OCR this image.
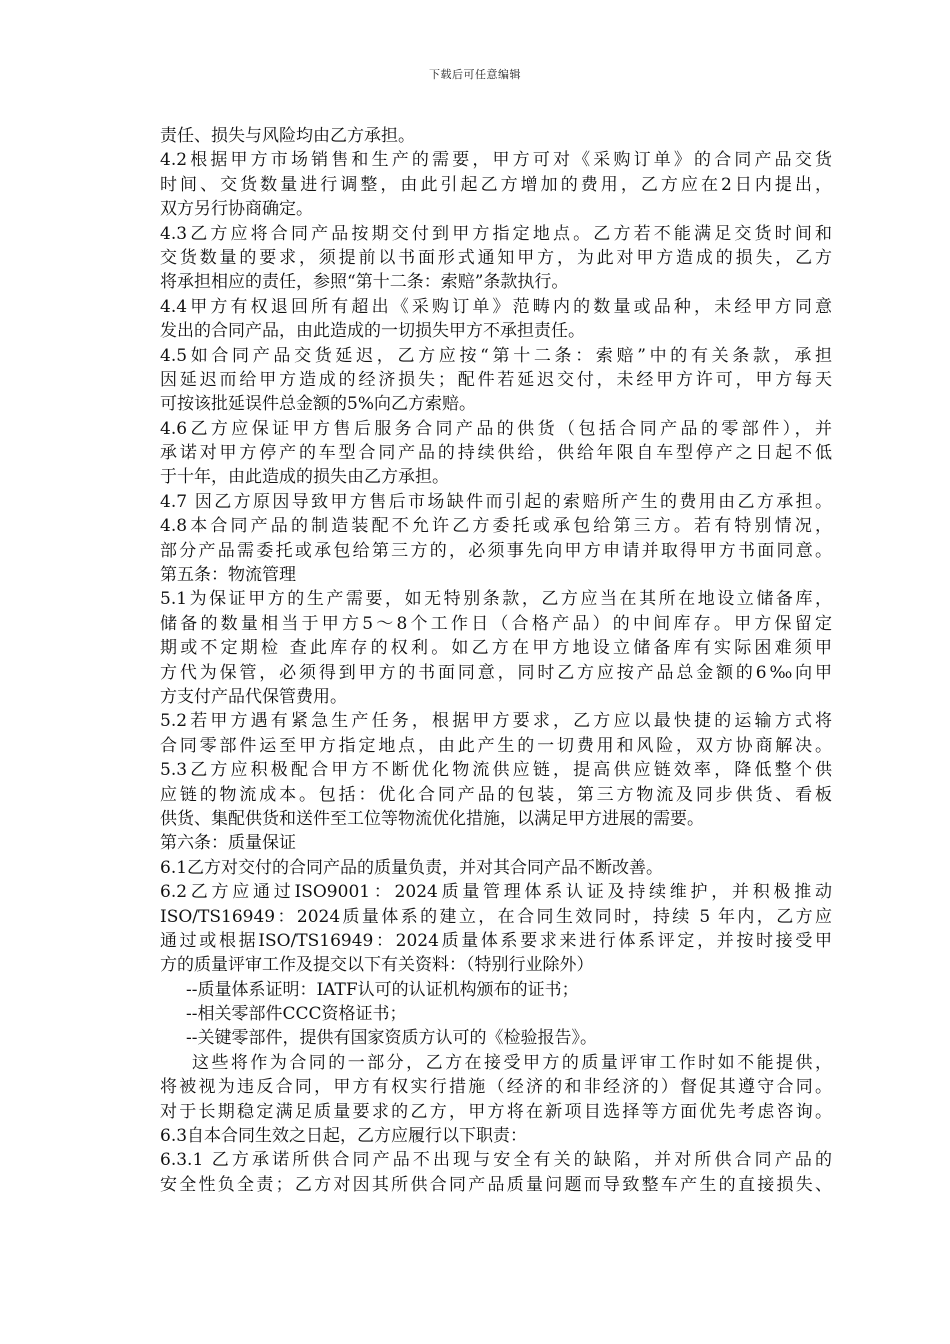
下载后可任意编辑
责任、损失与风险均由乙方承担。
4.2根据甲方市场销售和生产的需要，甲方可对《采购订单》的合同产品交货
时间、交货数量进行调整，由此引起乙方增加的费用，乙方应在2日内提出，
双方另行协商确定。
4.3乙方应将合同产品按期交付到甲方指定地点。乙方若不能满足交货时间和
交货数量的要求，须提前以书面形式通知甲方，为此对甲方造成的损失，乙方
将承担相应的责任，参照“第十二条：索赔”条款执行。
4.4甲方有权退回所有超出《采购订单》范畴内的数量或品种，未经甲方同意
发出的合同产品，由此造成的一切损失甲方不承担责任。
4.5如合同产品交货延迟，乙方应按“第十二条：索赔”中的有关条款，承担
因延迟而给甲方造成的经济损失；配件若延迟交付，未经甲方许可，甲方每天
可按该批延误件总金额的5%向乙方索赔。
4.6乙方应保证甲方售后服务合同产品的供货（包括合同产品的零部件），并
承诺对甲方停产的车型合同产品的持续供给，供给年限自车型停产之日起不低
于十年，由此造成的损失由乙方承担。
4.7 因乙方原因导致甲方售后市场缺件而引起的索赔所产生的费用由乙方承担。
4.8本合同产品的制造装配不允许乙方委托或承包给第三方。若有特别情况，
部分产品需委托或承包给第三方的，必须事先向甲方申请并取得甲方书面同意。
第五条：物流管理
5.1为保证甲方的生产需要，如无特别条款，乙方应当在其所在地设立储备库，
储备的数量相当于甲方5～8个工作日（合格产品）的中间库存。甲方保留定
期或不定期检 查此库存的权利。如乙方在甲方地设立储备库有实际困难须甲
方代为保管，必须得到甲方的书面同意，同时乙方应按产品总金额的6‰向甲
方支付产品代保管费用。
5.2若甲方遇有紧急生产任务，根据甲方要求，乙方应以最快捷的运输方式将
合同零部件运至甲方指定地点，由此产生的一切费用和风险，双方协商解决。
5.3乙方应积极配合甲方不断优化物流供应链，提高供应链效率，降低整个供
应链的物流成本。包括：优化合同产品的包装，第三方物流及同步供货、看板
供货、集配供货和送件至工位等物流优化措施，以满足甲方进展的需要。
第六条：质量保证
6.1乙方对交付的合同产品的质量负责，并对其合同产品不断改善。
6.2乙方应通过ISO9001：2024质量管理体系认证及持续维护，并积极推动
ISO/TS16949：2024质量体系的建立，在合同生效同时，持续 5 年内，乙方应
通过或根据ISO/TS16949：2024质量体系要求来进行体系评定，并按时接受甲
方的质量评审工作及提交以下有关资料：（特别行业除外）
--质量体系证明：IATF认可的认证机构颁布的证书；
--相关零部件CCC资格证书；
--关键零部件，提供有国家资质方认可的《检验报告》。
这些将作为合同的一部分，乙方在接受甲方的质量评审工作时如不能提供，
将被视为违反合同，甲方有权实行措施（经济的和非经济的）督促其遵守合同。
对于长期稳定满足质量要求的乙方，甲方将在新项目选择等方面优先考虑咨询。
6.3自本合同生效之日起，乙方应履行以下职责：
6.3.1 乙方承诺所供合同产品不出现与安全有关的缺陷，并对所供合同产品的
安全性负全责；乙方对因其所供合同产品质量问题而导致整车产生的直接损失、
